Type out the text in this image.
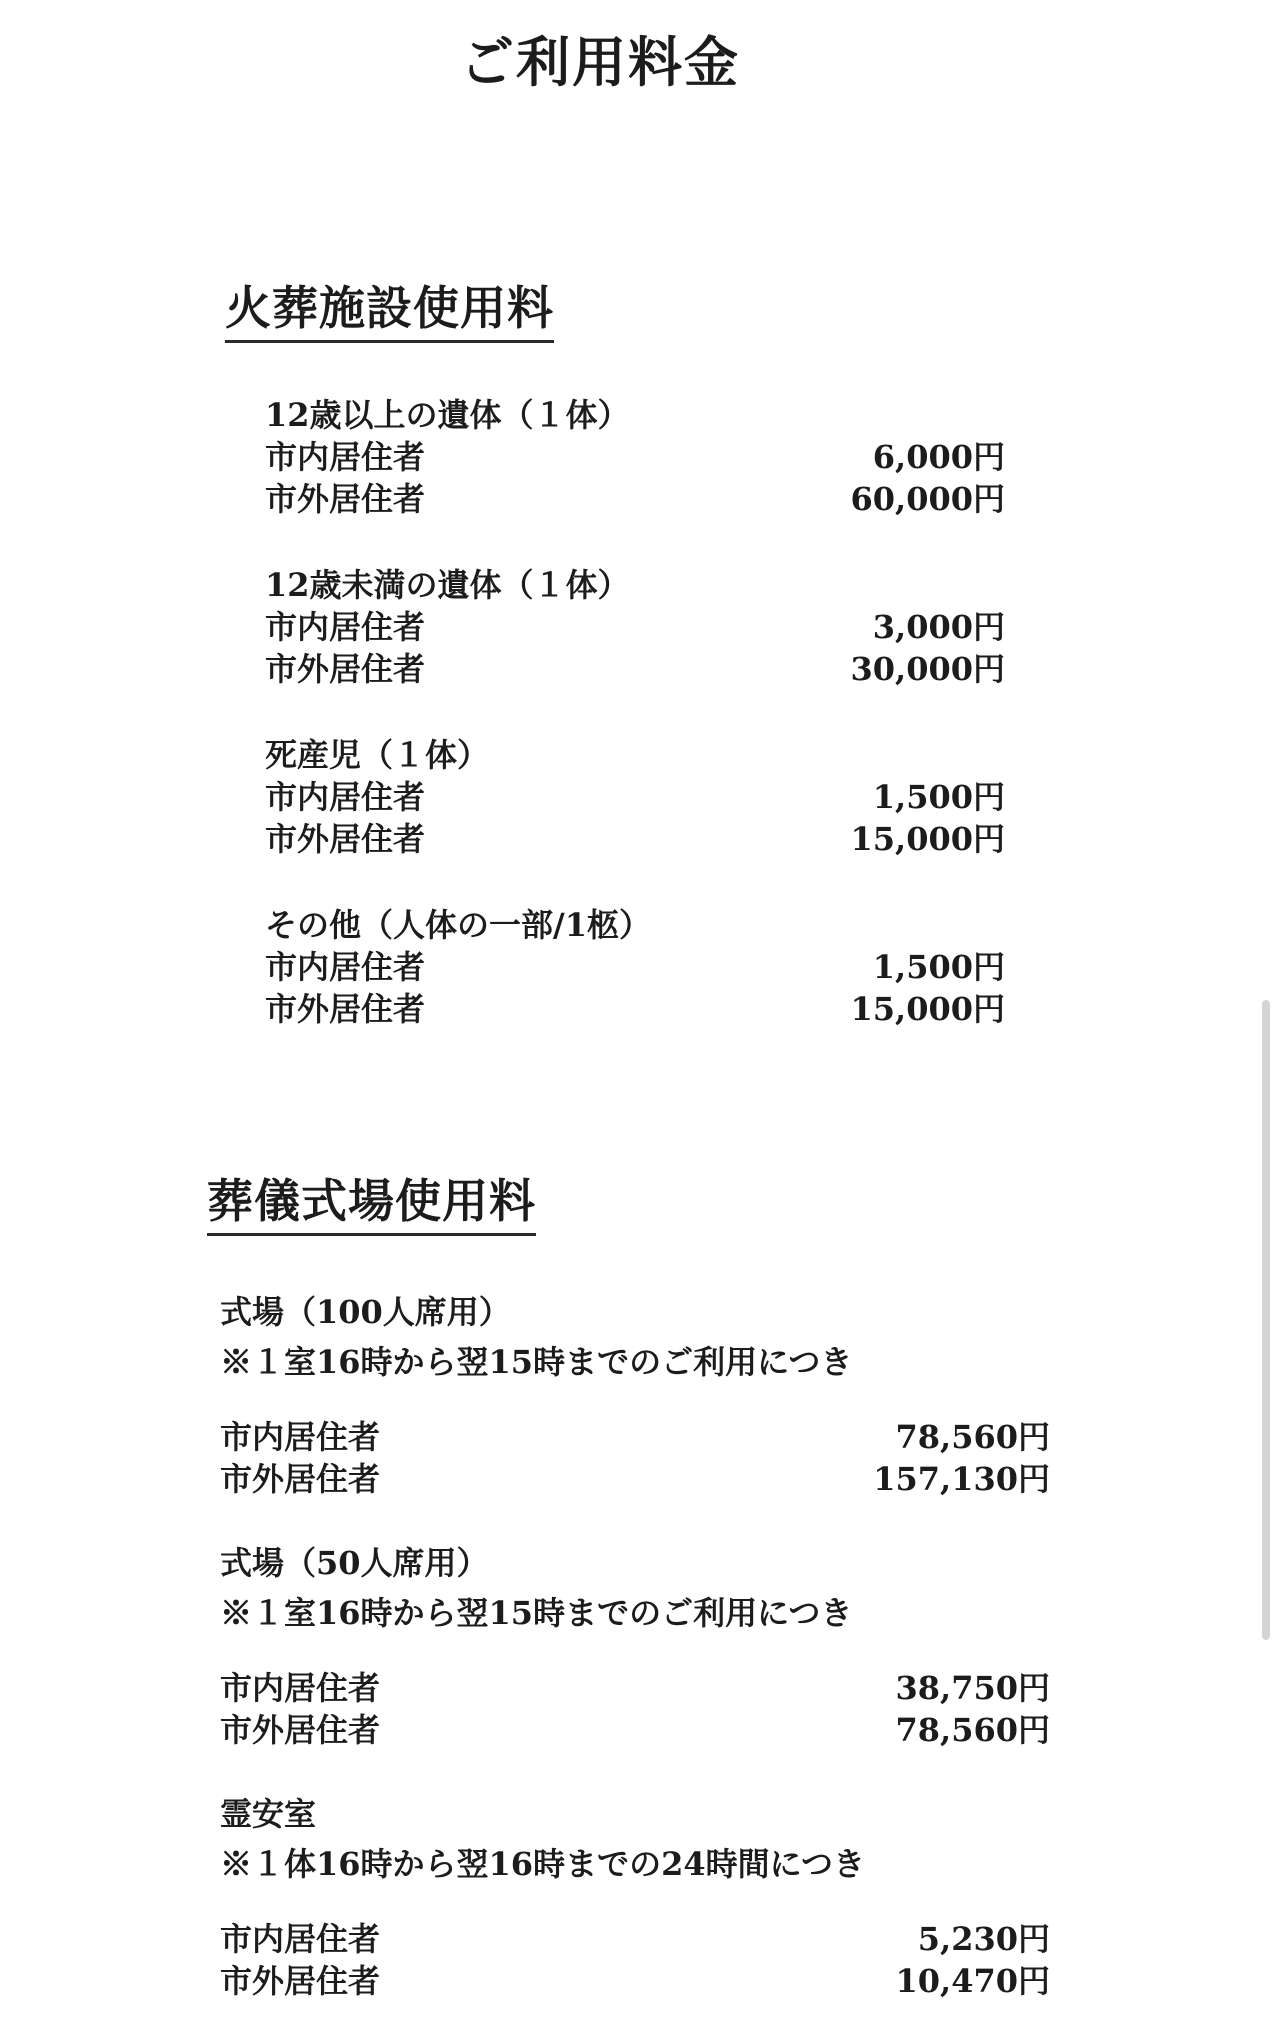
ご利用料金
火葬施設使用料
12歳以上の遺体（１体）
市内居住者	6,000円
市外居住者	60,000円
12歳未満の遺体（１体）
市内居住者	3,000円
市外居住者	30,000円
死産児（１体）
市内居住者	1,500円
市外居住者	15,000円
その他（人体の一部/1柩）
市内居住者	1,500円
市外居住者	15,000円
葬儀式場使用料
式場（100人席用）
※１室16時から翌15時までのご利用につき
市内居住者	78,560円
市外居住者	157,130円
式場（50人席用）
※１室16時から翌15時までのご利用につき
市内居住者	38,750円
市外居住者	78,560円
霊安室
※１体16時から翌16時までの24時間につき
市内居住者	5,230円
市外居住者	10,470円
